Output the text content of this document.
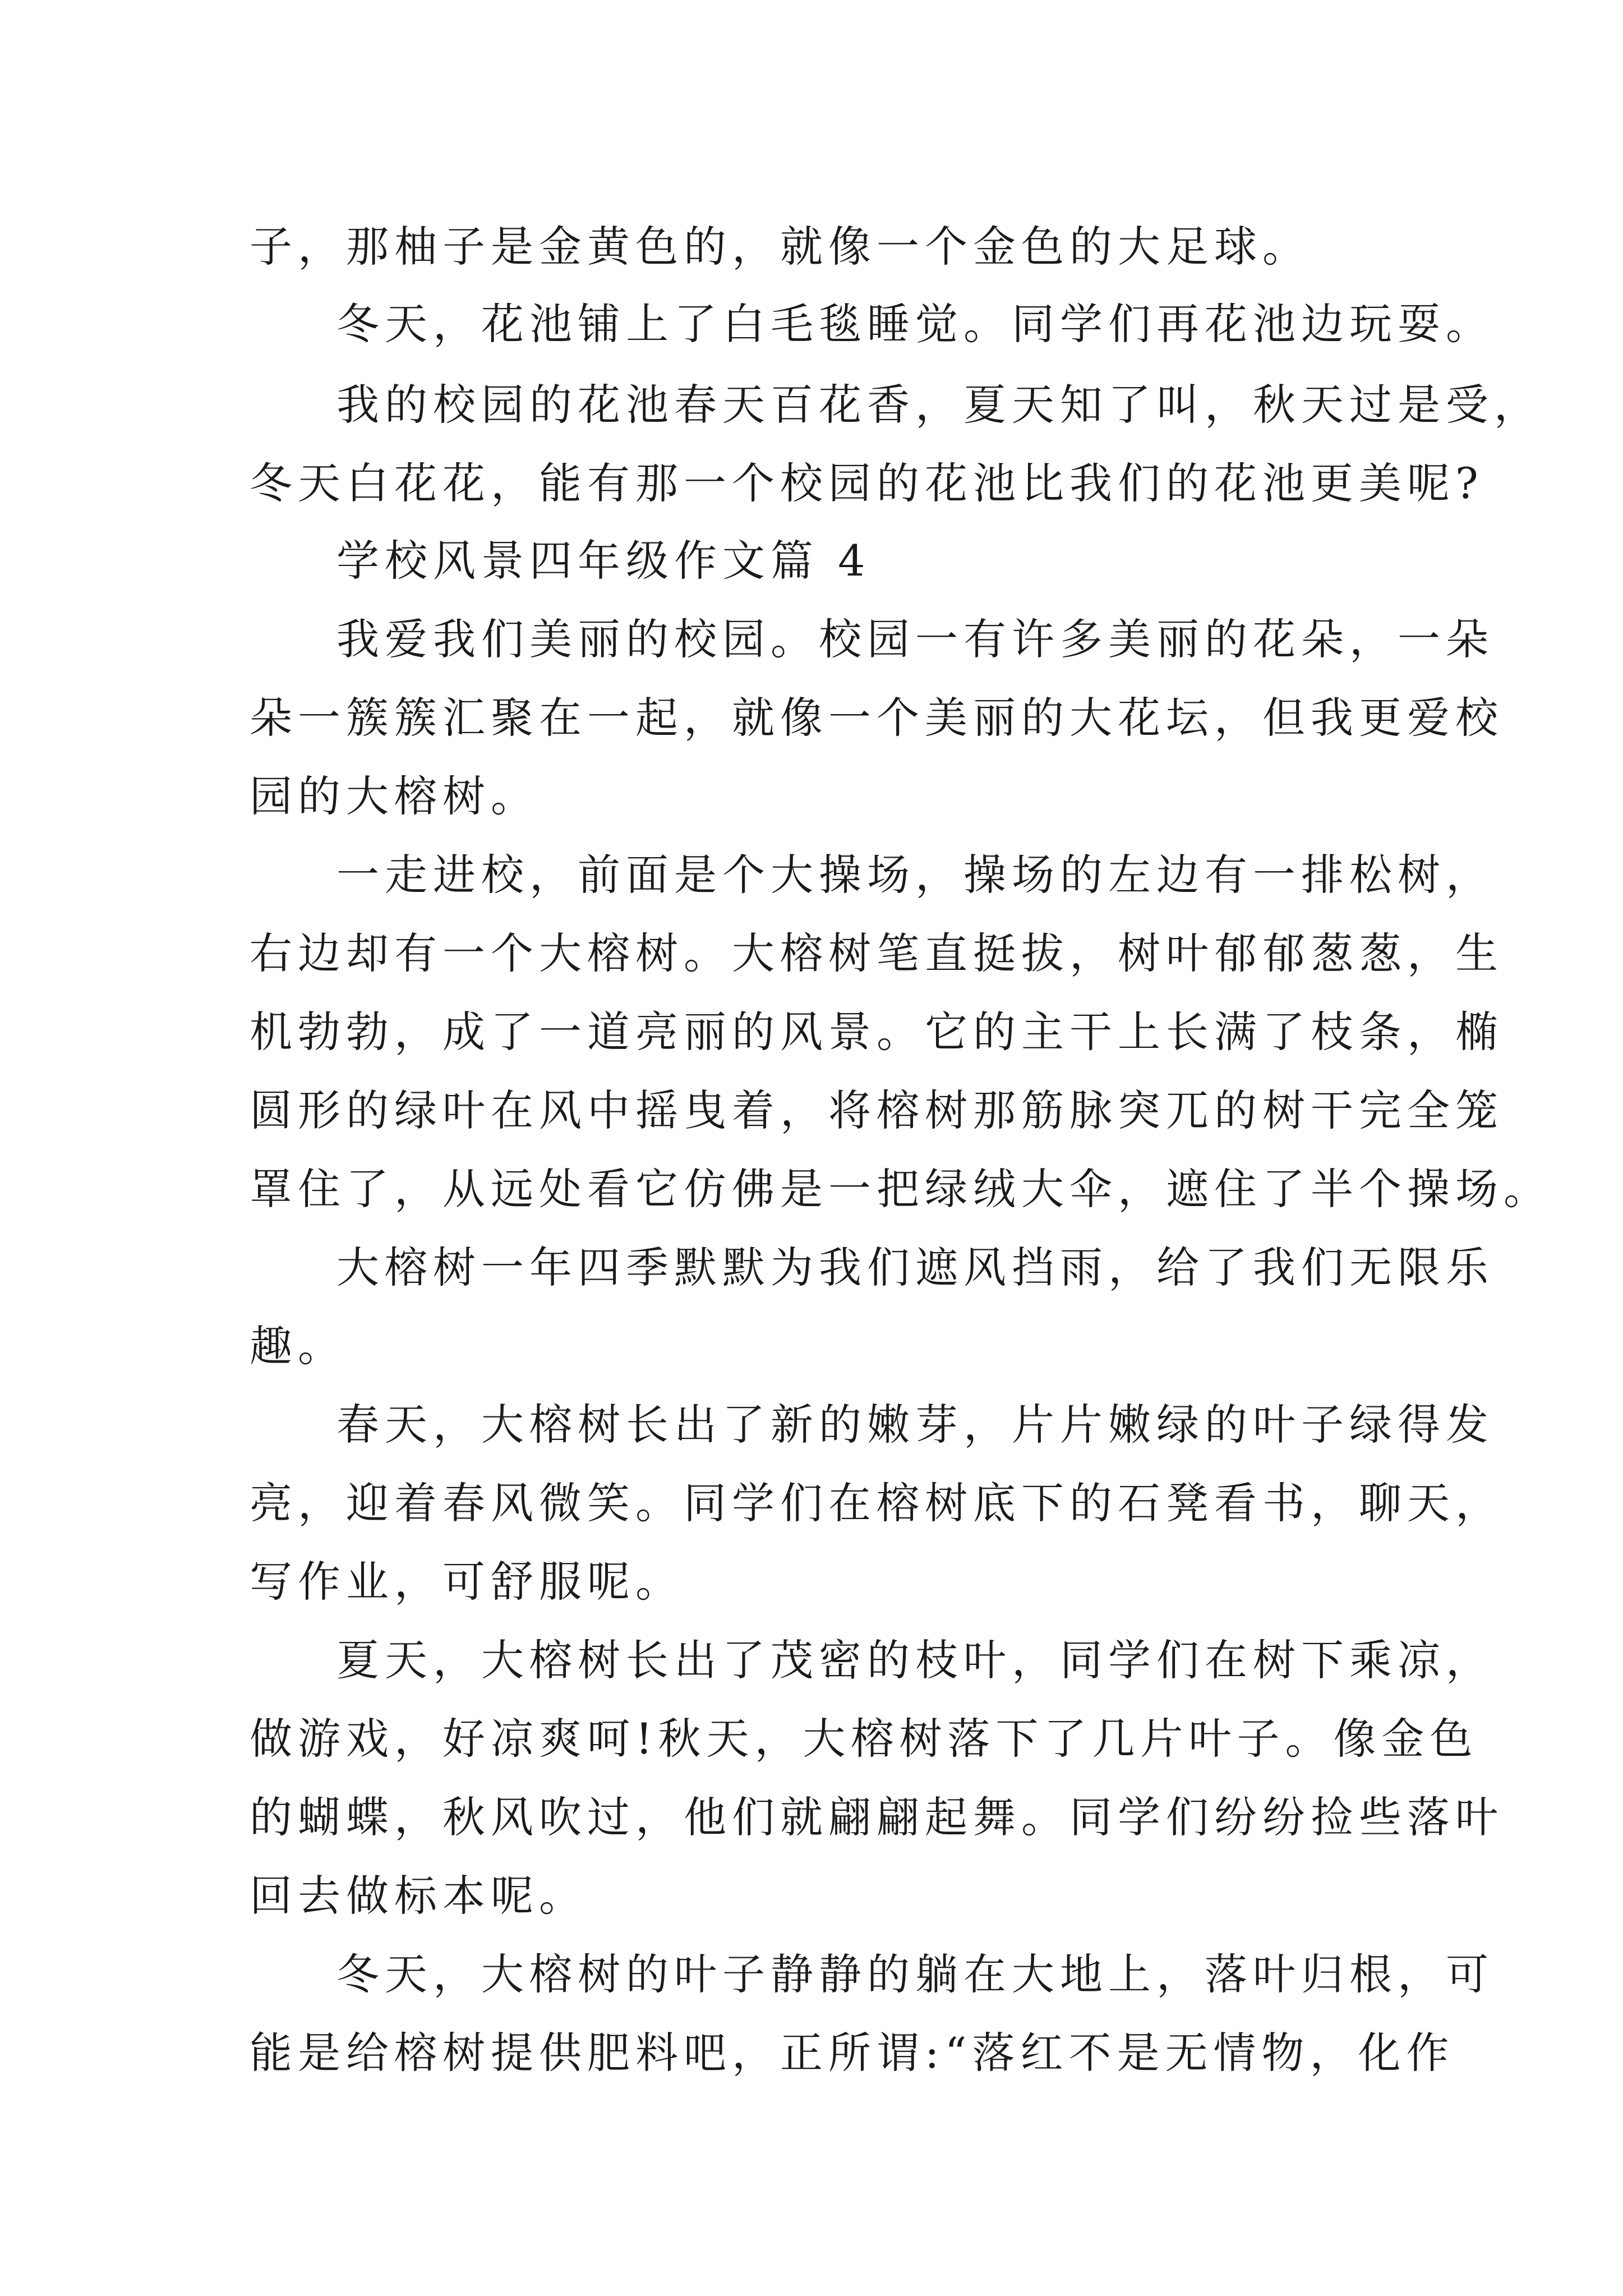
子，那柚子是金黄色的，就像一个金色的大足球。
冬天，花池铺上了白毛毯睡觉。同学们再花池边玩耍。
我的校园的花池春天百花香，夏天知了叫，秋天过是受，
冬天白花花，能有那一个校园的花池比我们的花池更美呢?
学校风景四年级作文篇 4
我爱我们美丽的校园。校园一有许多美丽的花朵，一朵
朵一簇簇汇聚在一起，就像一个美丽的大花坛，但我更爱校
园的大榕树。
一走进校，前面是个大操场，操场的左边有一排松树，
右边却有一个大榕树。大榕树笔直挺拔，树叶郁郁葱葱，生
机勃勃，成了一道亮丽的风景。它的主干上长满了枝条，椭
圆形的绿叶在风中摇曳着，将榕树那筋脉突兀的树干完全笼
罩住了，从远处看它仿佛是一把绿绒大伞，遮住了半个操场。
大榕树一年四季默默为我们遮风挡雨，给了我们无限乐
趣。
春天，大榕树长出了新的嫩芽，片片嫩绿的叶子绿得发
亮，迎着春风微笑。同学们在榕树底下的石凳看书，聊天，
写作业，可舒服呢。
夏天，大榕树长出了茂密的枝叶，同学们在树下乘凉，
做游戏，好凉爽呵!秋天，大榕树落下了几片叶子。像金色
的蝴蝶，秋风吹过，他们就翩翩起舞。同学们纷纷捡些落叶
回去做标本呢。
冬天，大榕树的叶子静静的躺在大地上，落叶归根，可
能是给榕树提供肥料吧，正所谓:“落红不是无情物，化作
